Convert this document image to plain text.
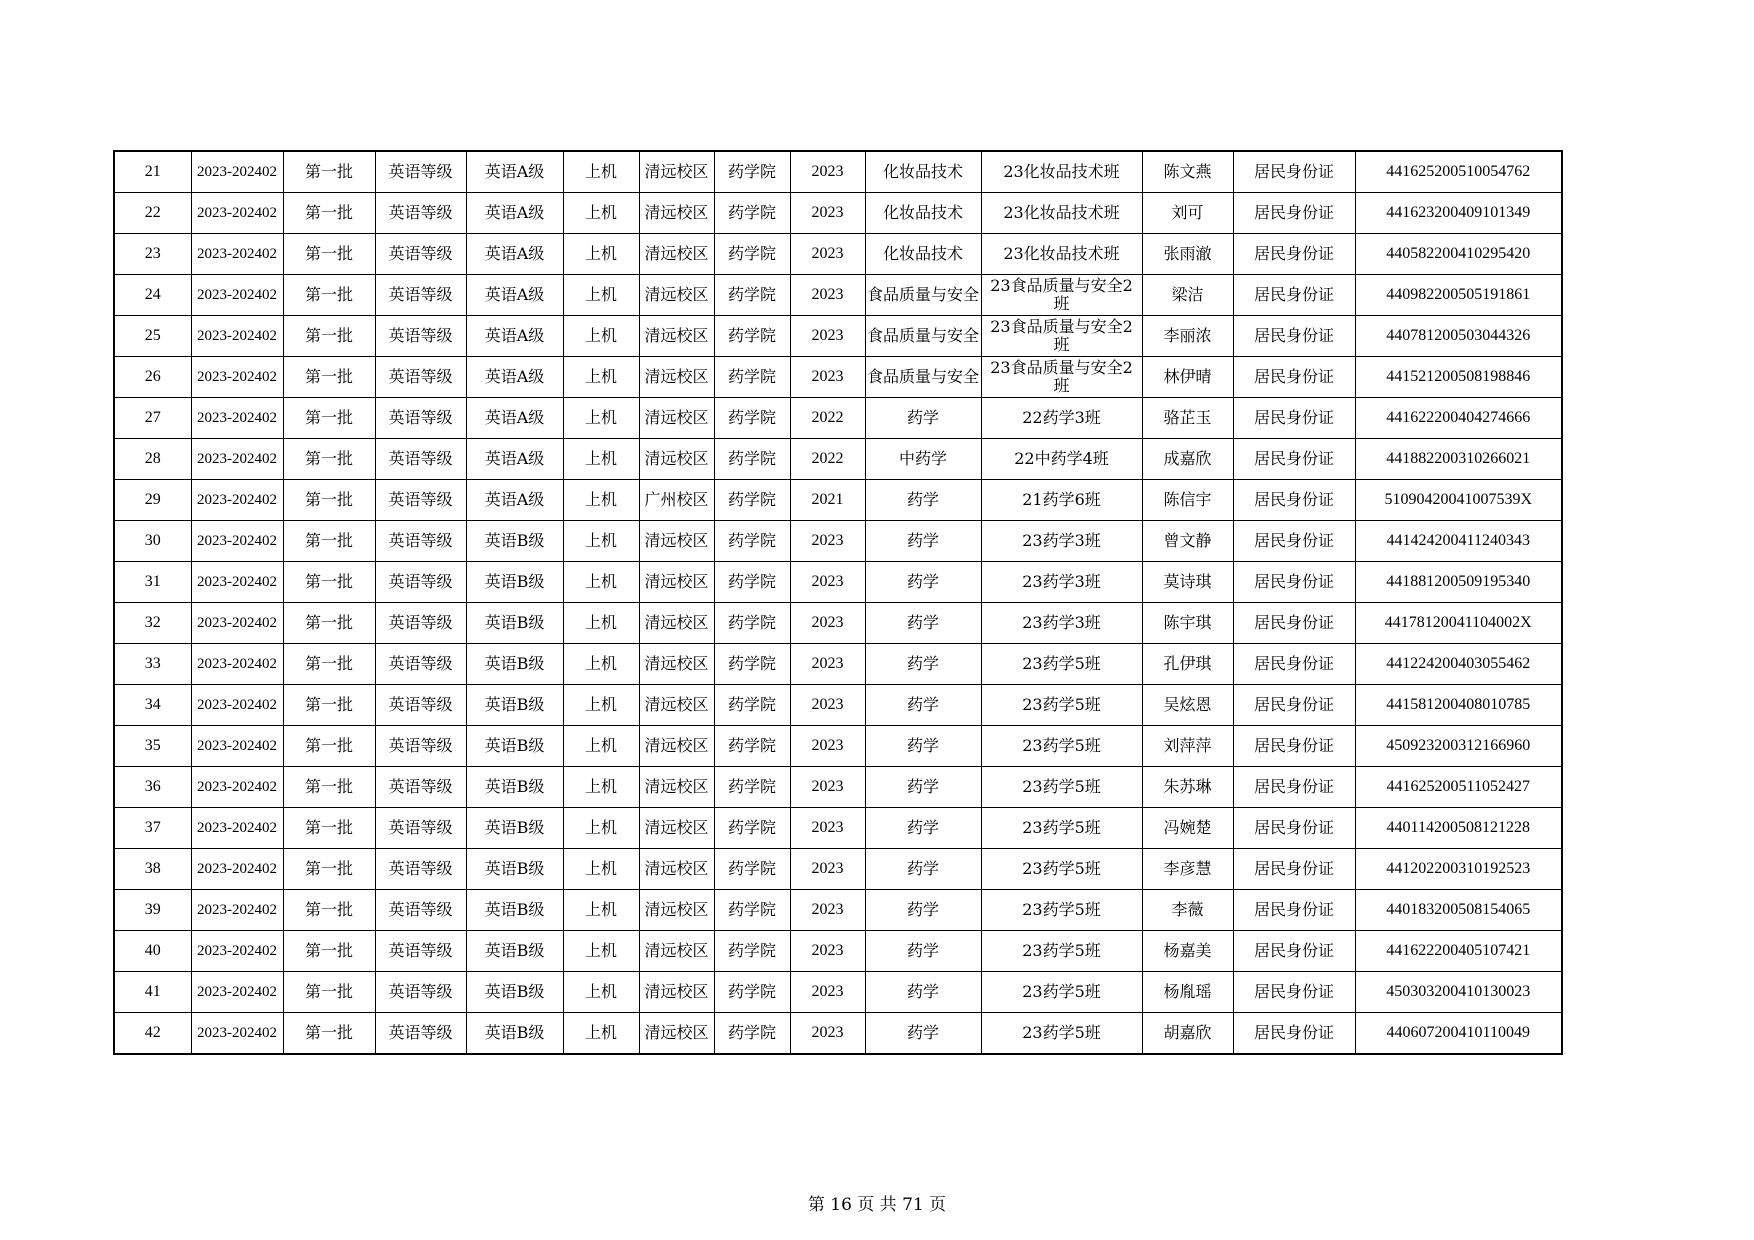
21	2023-202402	第一批	英语等级	英语A级	上机	清远校区	药学院	2023	化妆品技术	23化妆品技术班	陈文燕	居民身份证	441625200510054762
22	2023-202402	第一批	英语等级	英语A级	上机	清远校区	药学院	2023	化妆品技术	23化妆品技术班	刘可	居民身份证	441623200409101349
23	2023-202402	第一批	英语等级	英语A级	上机	清远校区	药学院	2023	化妆品技术	23化妆品技术班	张雨澈	居民身份证	440582200410295420
24	2023-202402	第一批	英语等级	英语A级	上机	清远校区	药学院	2023	食品质量与安全	23食品质量与安全2班	梁洁	居民身份证	440982200505191861
25	2023-202402	第一批	英语等级	英语A级	上机	清远校区	药学院	2023	食品质量与安全	23食品质量与安全2班	李丽浓	居民身份证	440781200503044326
26	2023-202402	第一批	英语等级	英语A级	上机	清远校区	药学院	2023	食品质量与安全	23食品质量与安全2班	林伊晴	居民身份证	441521200508198846
27	2023-202402	第一批	英语等级	英语A级	上机	清远校区	药学院	2022	药学	22药学3班	骆芷玉	居民身份证	441622200404274666
28	2023-202402	第一批	英语等级	英语A级	上机	清远校区	药学院	2022	中药学	22中药学4班	成嘉欣	居民身份证	441882200310266021
29	2023-202402	第一批	英语等级	英语A级	上机	广州校区	药学院	2021	药学	21药学6班	陈信宇	居民身份证	51090420041007539X
30	2023-202402	第一批	英语等级	英语B级	上机	清远校区	药学院	2023	药学	23药学3班	曾文静	居民身份证	441424200411240343
31	2023-202402	第一批	英语等级	英语B级	上机	清远校区	药学院	2023	药学	23药学3班	莫诗琪	居民身份证	441881200509195340
32	2023-202402	第一批	英语等级	英语B级	上机	清远校区	药学院	2023	药学	23药学3班	陈宇琪	居民身份证	44178120041104002X
33	2023-202402	第一批	英语等级	英语B级	上机	清远校区	药学院	2023	药学	23药学5班	孔伊琪	居民身份证	441224200403055462
34	2023-202402	第一批	英语等级	英语B级	上机	清远校区	药学院	2023	药学	23药学5班	吴炫恩	居民身份证	441581200408010785
35	2023-202402	第一批	英语等级	英语B级	上机	清远校区	药学院	2023	药学	23药学5班	刘萍萍	居民身份证	450923200312166960
36	2023-202402	第一批	英语等级	英语B级	上机	清远校区	药学院	2023	药学	23药学5班	朱苏琳	居民身份证	441625200511052427
37	2023-202402	第一批	英语等级	英语B级	上机	清远校区	药学院	2023	药学	23药学5班	冯婉楚	居民身份证	440114200508121228
38	2023-202402	第一批	英语等级	英语B级	上机	清远校区	药学院	2023	药学	23药学5班	李彦慧	居民身份证	441202200310192523
39	2023-202402	第一批	英语等级	英语B级	上机	清远校区	药学院	2023	药学	23药学5班	李薇	居民身份证	440183200508154065
40	2023-202402	第一批	英语等级	英语B级	上机	清远校区	药学院	2023	药学	23药学5班	杨嘉美	居民身份证	441622200405107421
41	2023-202402	第一批	英语等级	英语B级	上机	清远校区	药学院	2023	药学	23药学5班	杨胤瑶	居民身份证	450303200410130023
42	2023-202402	第一批	英语等级	英语B级	上机	清远校区	药学院	2023	药学	23药学5班	胡嘉欣	居民身份证	440607200410110049
第 16 页 共 71 页
